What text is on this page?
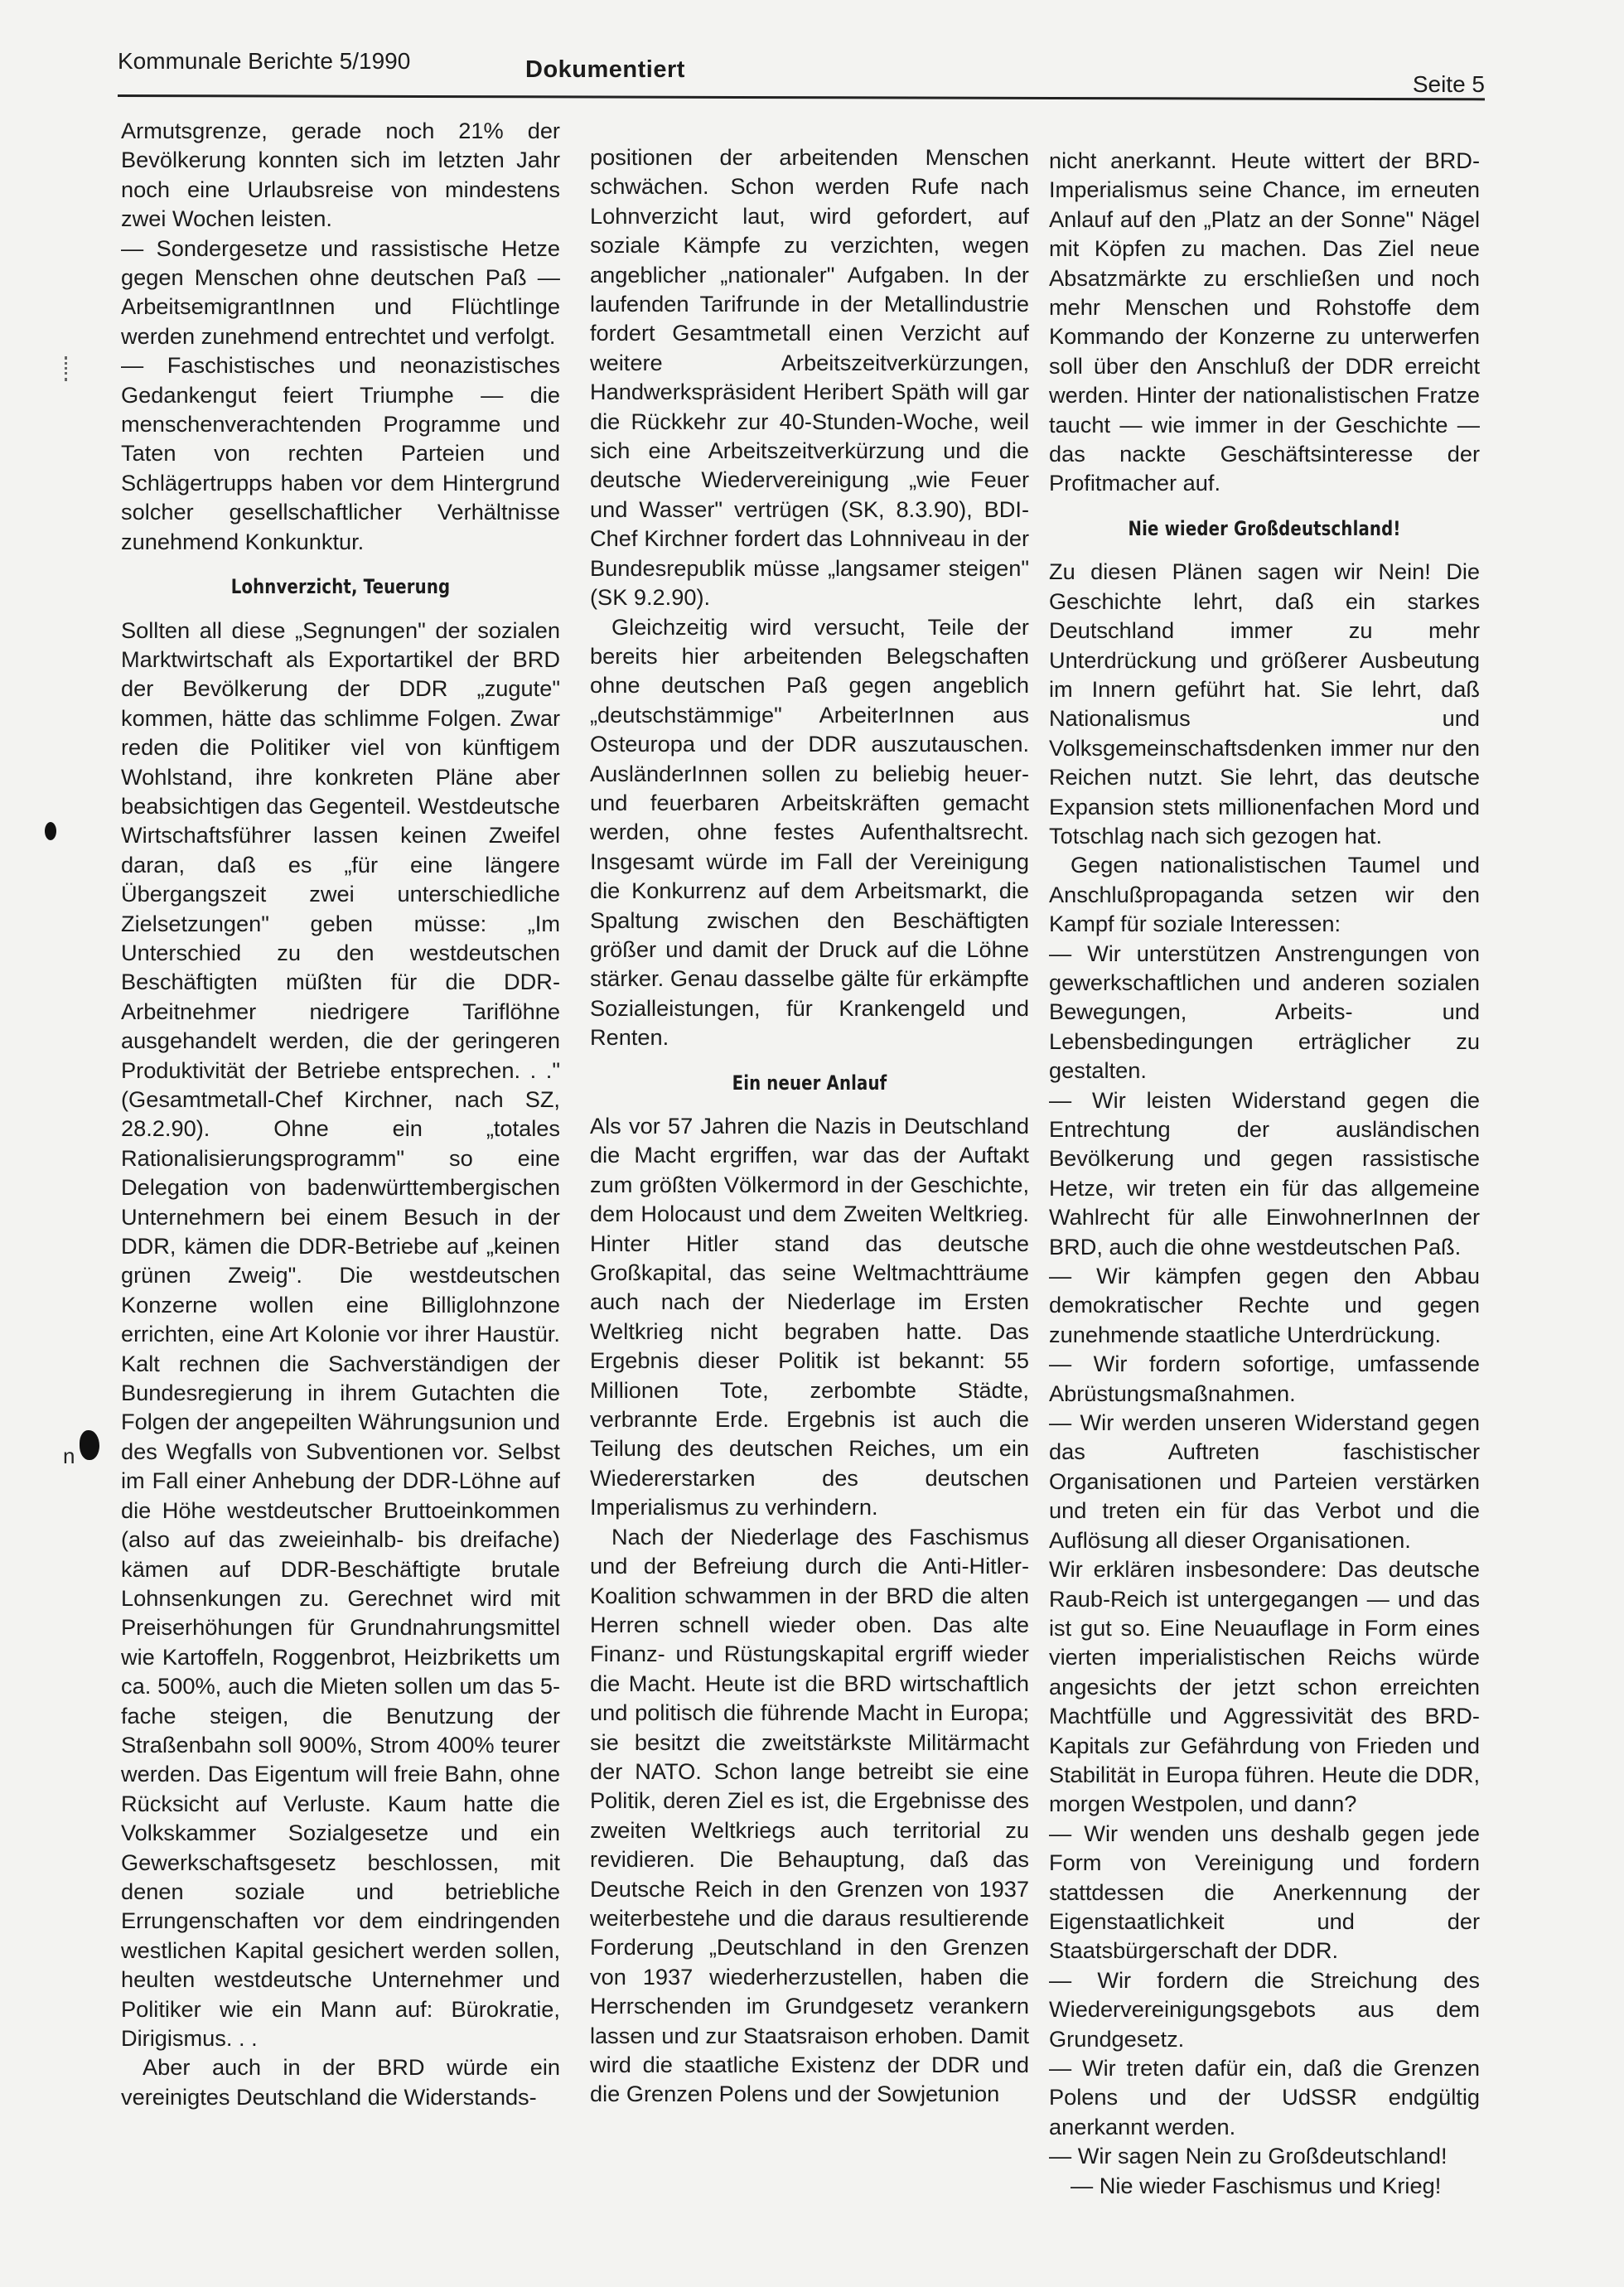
Kommunale Berichte 5/1990	Dokumentiert
Seite 5
n

Armutsgrenze, gerade noch 21% der Bevölkerung konnten sich im letzten Jahr noch eine Urlaubsreise von mindestens zwei Wochen leisten.

— Sondergesetze und rassistische Hetze gegen Menschen ohne deutschen Paß — ArbeitsemigrantInnen und Flüchtlinge werden zunehmend entrechtet und verfolgt.

— Faschistisches und neonazistisches Gedankengut feiert Triumphe — die menschenverachtenden Programme und Taten von rechten Parteien und Schlägertrupps haben vor dem Hintergrund solcher gesellschaftlicher Verhältnisse zunehmend Konkunktur.

Lohnverzicht, Teuerung

Sollten all diese „Segnungen" der sozialen Marktwirtschaft als Exportartikel der BRD der Bevölkerung der DDR „zugute" kommen, hätte das schlimme Folgen. Zwar reden die Politiker viel von künftigem Wohlstand, ihre konkreten Pläne aber beabsichtigen das Gegenteil. Westdeutsche Wirtschaftsführer lassen keinen Zweifel daran, daß es „für eine längere Übergangszeit zwei unterschiedliche Zielsetzungen" geben müsse: „Im Unterschied zu den westdeutschen Beschäftigten müßten für die DDR-Arbeitnehmer niedrigere Tariflöhne ausgehandelt werden, die der geringeren Produktivität der Betriebe entsprechen. . ." (Gesamtmetall-Chef Kirchner, nach SZ, 28.2.90). Ohne ein „totales Rationalisierungsprogramm" so eine Delegation von badenwürttembergischen Unternehmern bei einem Besuch in der DDR, kämen die DDR-Betriebe auf „keinen grünen Zweig". Die westdeutschen Konzerne wollen eine Billiglohnzone errichten, eine Art Kolonie vor ihrer Haustür. Kalt rechnen die Sachverständigen der Bundesregierung in ihrem Gutachten die Folgen der angepeilten Währungsunion und des Wegfalls von Subventionen vor. Selbst im Fall einer Anhebung der DDR-Löhne auf die Höhe westdeutscher Bruttoeinkommen (also auf das zweieinhalb- bis dreifache) kämen auf DDR-Beschäftigte brutale Lohnsenkungen zu. Gerechnet wird mit Preiserhöhungen für Grundnahrungsmittel wie Kartoffeln, Roggenbrot, Heizbriketts um ca. 500%, auch die Mieten sollen um das 5-fache steigen, die Benutzung der Straßenbahn soll 900%, Strom 400% teurer werden. Das Eigentum will freie Bahn, ohne Rücksicht auf Verluste. Kaum hatte die Volkskammer Sozialgesetze und ein Gewerkschaftsgesetz beschlossen, mit denen soziale und betriebliche Errungenschaften vor dem eindringenden westlichen Kapital gesichert werden sollen, heulten westdeutsche Unternehmer und Politiker wie ein Mann auf: Bürokratie, Dirigismus. . .

Aber auch in der BRD würde ein vereinigtes Deutschland die Widerstands-

positionen der arbeitenden Menschen schwächen. Schon werden Rufe nach Lohnverzicht laut, wird gefordert, auf soziale Kämpfe zu verzichten, wegen angeblicher „nationaler" Aufgaben. In der laufenden Tarifrunde in der Metallindustrie fordert Gesamtmetall einen Verzicht auf weitere Arbeitszeitverkürzungen, Handwerkspräsident Heribert Späth will gar die Rückkehr zur 40-Stunden-Woche, weil sich eine Arbeitszeitverkürzung und die deutsche Wiedervereinigung „wie Feuer und Wasser" vertrügen (SK, 8.3.90), BDI-Chef Kirchner fordert das Lohnniveau in der Bundesrepublik müsse „langsamer steigen" (SK 9.2.90).

Gleichzeitig wird versucht, Teile der bereits hier arbeitenden Belegschaften ohne deutschen Paß gegen angeblich „deutschstämmige" ArbeiterInnen aus Osteuropa und der DDR auszutauschen. AusländerInnen sollen zu beliebig heuer- und feuerbaren Arbeitskräften gemacht werden, ohne festes Aufenthaltsrecht. Insgesamt würde im Fall der Vereinigung die Konkurrenz auf dem Arbeitsmarkt, die Spaltung zwischen den Beschäftigten größer und damit der Druck auf die Löhne stärker. Genau dasselbe gälte für erkämpfte Sozialleistungen, für Krankengeld und Renten.

Ein neuer Anlauf

Als vor 57 Jahren die Nazis in Deutschland die Macht ergriffen, war das der Auftakt zum größten Völkermord in der Geschichte, dem Holocaust und dem Zweiten Weltkrieg. Hinter Hitler stand das deutsche Großkapital, das seine Weltmachtträume auch nach der Niederlage im Ersten Weltkrieg nicht begraben hatte. Das Ergebnis dieser Politik ist bekannt: 55 Millionen Tote, zerbombte Städte, verbrannte Erde. Ergebnis ist auch die Teilung des deutschen Reiches, um ein Wiedererstarken des deutschen Imperialismus zu verhindern.

Nach der Niederlage des Faschismus und der Befreiung durch die Anti-Hitler-Koalition schwammen in der BRD die alten Herren schnell wieder oben. Das alte Finanz- und Rüstungskapital ergriff wieder die Macht. Heute ist die BRD wirtschaftlich und politisch die führende Macht in Europa; sie besitzt die zweitstärkste Militärmacht der NATO. Schon lange betreibt sie eine Politik, deren Ziel es ist, die Ergebnisse des zweiten Weltkriegs auch territorial zu revidieren. Die Behauptung, daß das Deutsche Reich in den Grenzen von 1937 weiterbestehe und die daraus resultierende Forderung „Deutschland in den Grenzen von 1937 wiederherzustellen, haben die Herrschenden im Grundgesetz verankern lassen und zur Staatsraison erhoben. Damit wird die staatliche Existenz der DDR und die Grenzen Polens und der Sowjetunion

nicht anerkannt. Heute wittert der BRD-Imperialismus seine Chance, im erneuten Anlauf auf den „Platz an der Sonne" Nägel mit Köpfen zu machen. Das Ziel neue Absatzmärkte zu erschließen und noch mehr Menschen und Rohstoffe dem Kommando der Konzerne zu unterwerfen soll über den Anschluß der DDR erreicht werden. Hinter der nationalistischen Fratze taucht — wie immer in der Geschichte — das nackte Geschäftsinteresse der Profitmacher auf.

Nie wieder Großdeutschland!

Zu diesen Plänen sagen wir Nein! Die Geschichte lehrt, daß ein starkes Deutschland immer zu mehr Unterdrückung und größerer Ausbeutung im Innern geführt hat. Sie lehrt, daß Nationalismus und Volksgemeinschaftsdenken immer nur den Reichen nutzt. Sie lehrt, das deutsche Expansion stets millionenfachen Mord und Totschlag nach sich gezogen hat.

Gegen nationalistischen Taumel und Anschlußpropaganda setzen wir den Kampf für soziale Interessen:

— Wir unterstützen Anstrengungen von gewerkschaftlichen und anderen sozialen Bewegungen, Arbeits- und Lebensbedingungen erträglicher zu gestalten.

— Wir leisten Widerstand gegen die Entrechtung der ausländischen Bevölkerung und gegen rassistische Hetze, wir treten ein für das allgemeine Wahlrecht für alle EinwohnerInnen der BRD, auch die ohne westdeutschen Paß.

— Wir kämpfen gegen den Abbau demokratischer Rechte und gegen zunehmende staatliche Unterdrückung.

— Wir fordern sofortige, umfassende Abrüstungsmaßnahmen.

— Wir werden unseren Widerstand gegen das Auftreten faschistischer Organisationen und Parteien verstärken und treten ein für das Verbot und die Auflösung all dieser Organisationen.

Wir erklären insbesondere: Das deutsche Raub-Reich ist untergegangen — und das ist gut so. Eine Neuauflage in Form eines vierten imperialistischen Reichs würde angesichts der jetzt schon erreichten Machtfülle und Aggressivität des BRD-Kapitals zur Gefährdung von Frieden und Stabilität in Europa führen. Heute die DDR, morgen Westpolen, und dann?

— Wir wenden uns deshalb gegen jede Form von Vereinigung und fordern stattdessen die Anerkennung der Eigenstaatlichkeit und der Staatsbürgerschaft der DDR.

— Wir fordern die Streichung des Wiedervereinigungsgebots aus dem Grundgesetz.

— Wir treten dafür ein, daß die Grenzen Polens und der UdSSR endgültig anerkannt werden.

— Wir sagen Nein zu Großdeutschland!

— Nie wieder Faschismus und Krieg!
